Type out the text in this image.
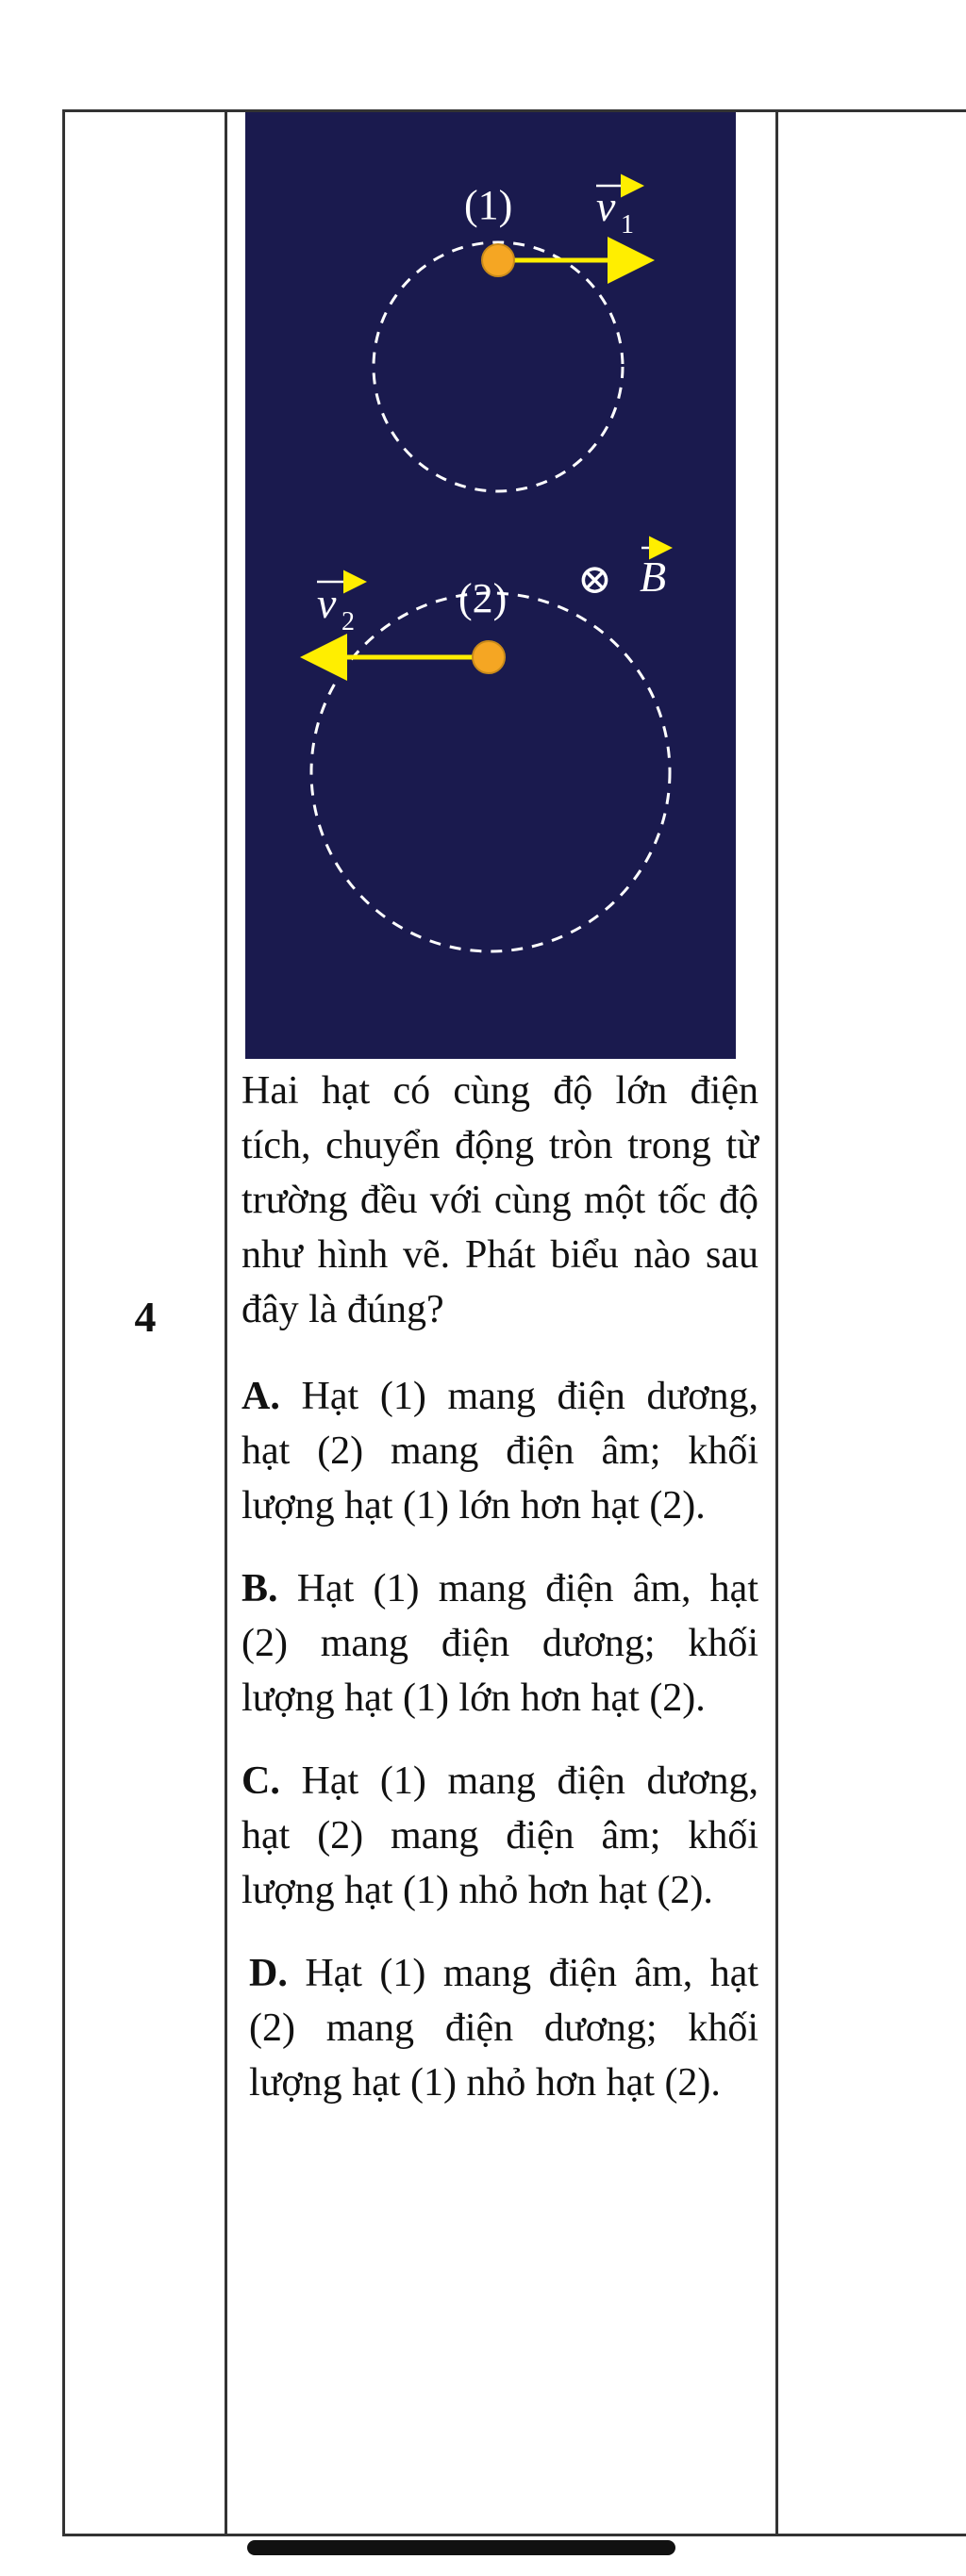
4
(1)
(2)
v 1
v 2
⊗ B

Hai hạt có cùng độ lớn điện tích, chuyển động tròn trong từ trường đều với cùng một tốc độ như hình vẽ. Phát biểu nào sau đây là đúng?

A. Hạt (1) mang điện dương, hạt (2) mang điện âm; khối lượng hạt (1) lớn hơn hạt (2).

B. Hạt (1) mang điện âm, hạt (2) mang điện dương; khối lượng hạt (1) lớn hơn hạt (2).

C. Hạt (1) mang điện dương, hạt (2) mang điện âm; khối lượng hạt (1) nhỏ hơn hạt (2).

D. Hạt (1) mang điện âm, hạt (2) mang điện dương; khối lượng hạt (1) nhỏ hơn hạt (2).
